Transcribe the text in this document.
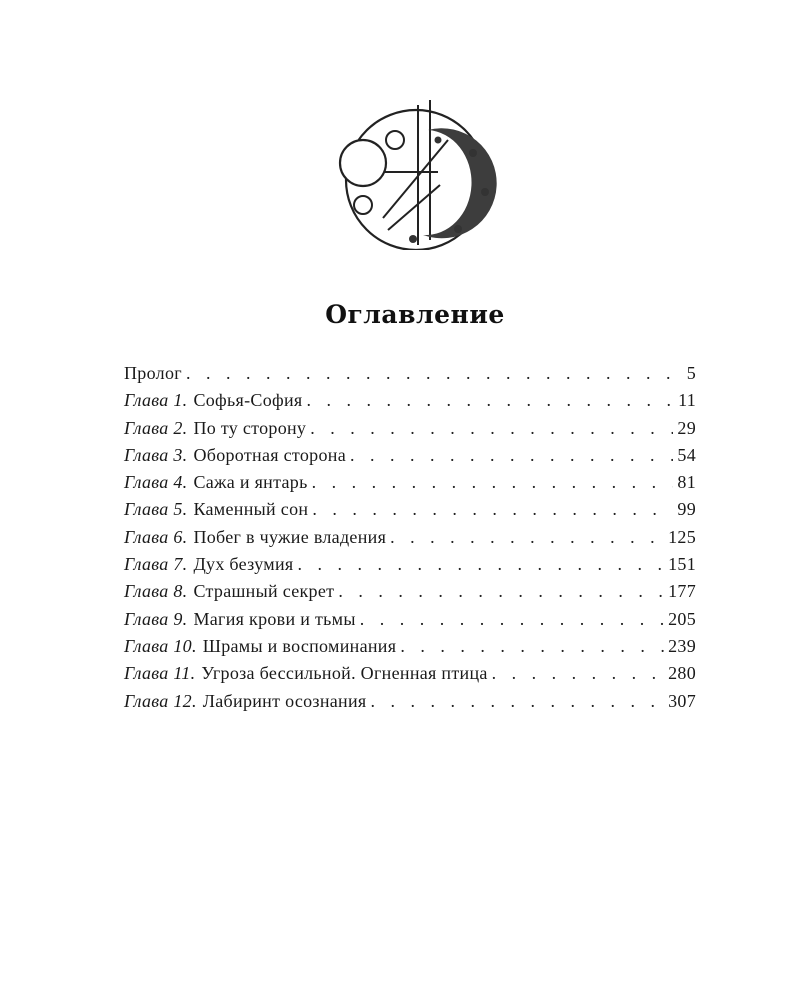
Оглавление
Пролог . . .	5
Глава 1. Софья-София . . .	11
Глава 2. По ту сторону . . .	29
Глава 3. Оборотная сторона . . .	54
Глава 4. Сажа и янтарь . . .	81
Глава 5. Каменный сон . . .	99
Глава 6. Побег в чужие владения . . .	125
Глава 7. Дух безумия . . .	151
Глава 8. Страшный секрет . . .	177
Глава 9. Магия крови и тьмы . . .	205
Глава 10. Шрамы и воспоминания . . .	239
Глава 11. Угроза бессильной. Огненная птица . . .	280
Глава 12. Лабиринт осознания . . .	307
